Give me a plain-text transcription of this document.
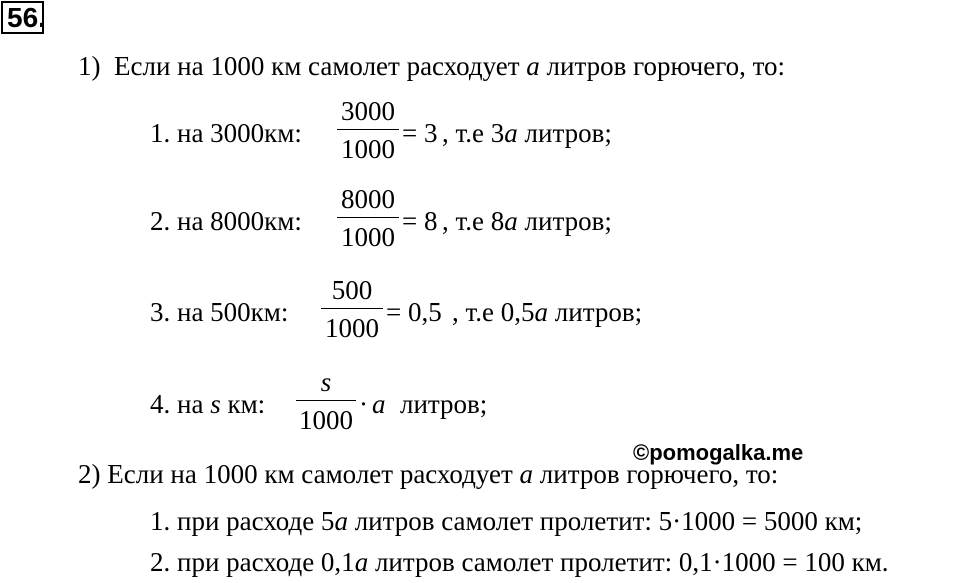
56.
1) Если на 1000 км самолет расходует a литров горючего, то:
1. на 3000км:
3000
1000
= 3 , т.е 3a литров;
2. на 8000км:
8000
1000
= 8 , т.е 8a литров;
3. на 500км:
500
1000
= 0,5 , т.е 0,5a литров;
4. на s км:
s
1000
· a литров;
©pomogalka.me
2) Если на 1000 км самолет расходует a литров горючего, то:
1. при расходе 5a литров самолет пролетит: 5·1000 = 5000 км;
2. при расходе 0,1a литров самолет пролетит: 0,1·1000 = 100 км.
